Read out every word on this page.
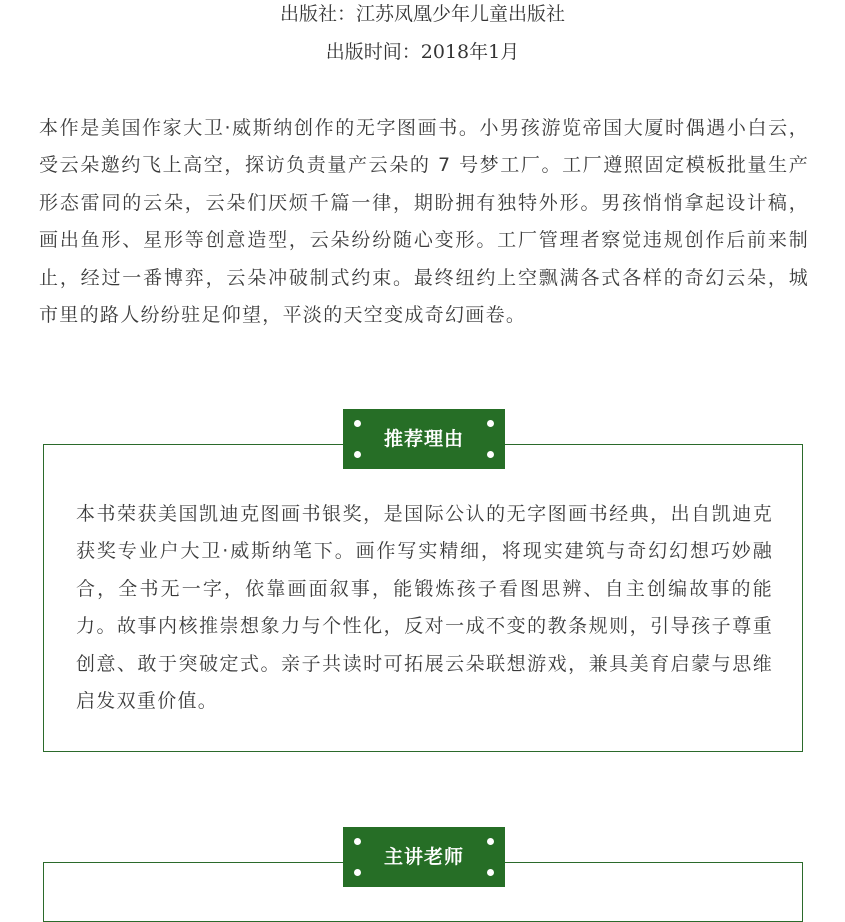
出版社：江苏凤凰少年儿童出版社
出版时间：2018年1月

本作是美国作家大卫·威斯纳创作的无字图画书。小男孩游览帝国大厦时偶遇小白云，受云朵邀约飞上高空，探访负责量产云朵的 7 号梦工厂。工厂遵照固定模板批量生产形态雷同的云朵，云朵们厌烦千篇一律，期盼拥有独特外形。男孩悄悄拿起设计稿，画出鱼形、星形等创意造型，云朵纷纷随心变形。工厂管理者察觉违规创作后前来制止，经过一番博弈，云朵冲破制式约束。最终纽约上空飘满各式各样的奇幻云朵，城市里的路人纷纷驻足仰望，平淡的天空变成奇幻画卷。

推荐理由

本书荣获美国凯迪克图画书银奖，是国际公认的无字图画书经典，出自凯迪克获奖专业户大卫·威斯纳笔下。画作写实精细，将现实建筑与奇幻幻想巧妙融合，全书无一字，依靠画面叙事，能锻炼孩子看图思辨、自主创编故事的能力。故事内核推崇想象力与个性化，反对一成不变的教条规则，引导孩子尊重创意、敢于突破定式。亲子共读时可拓展云朵联想游戏，兼具美育启蒙与思维启发双重价值。

主讲老师
